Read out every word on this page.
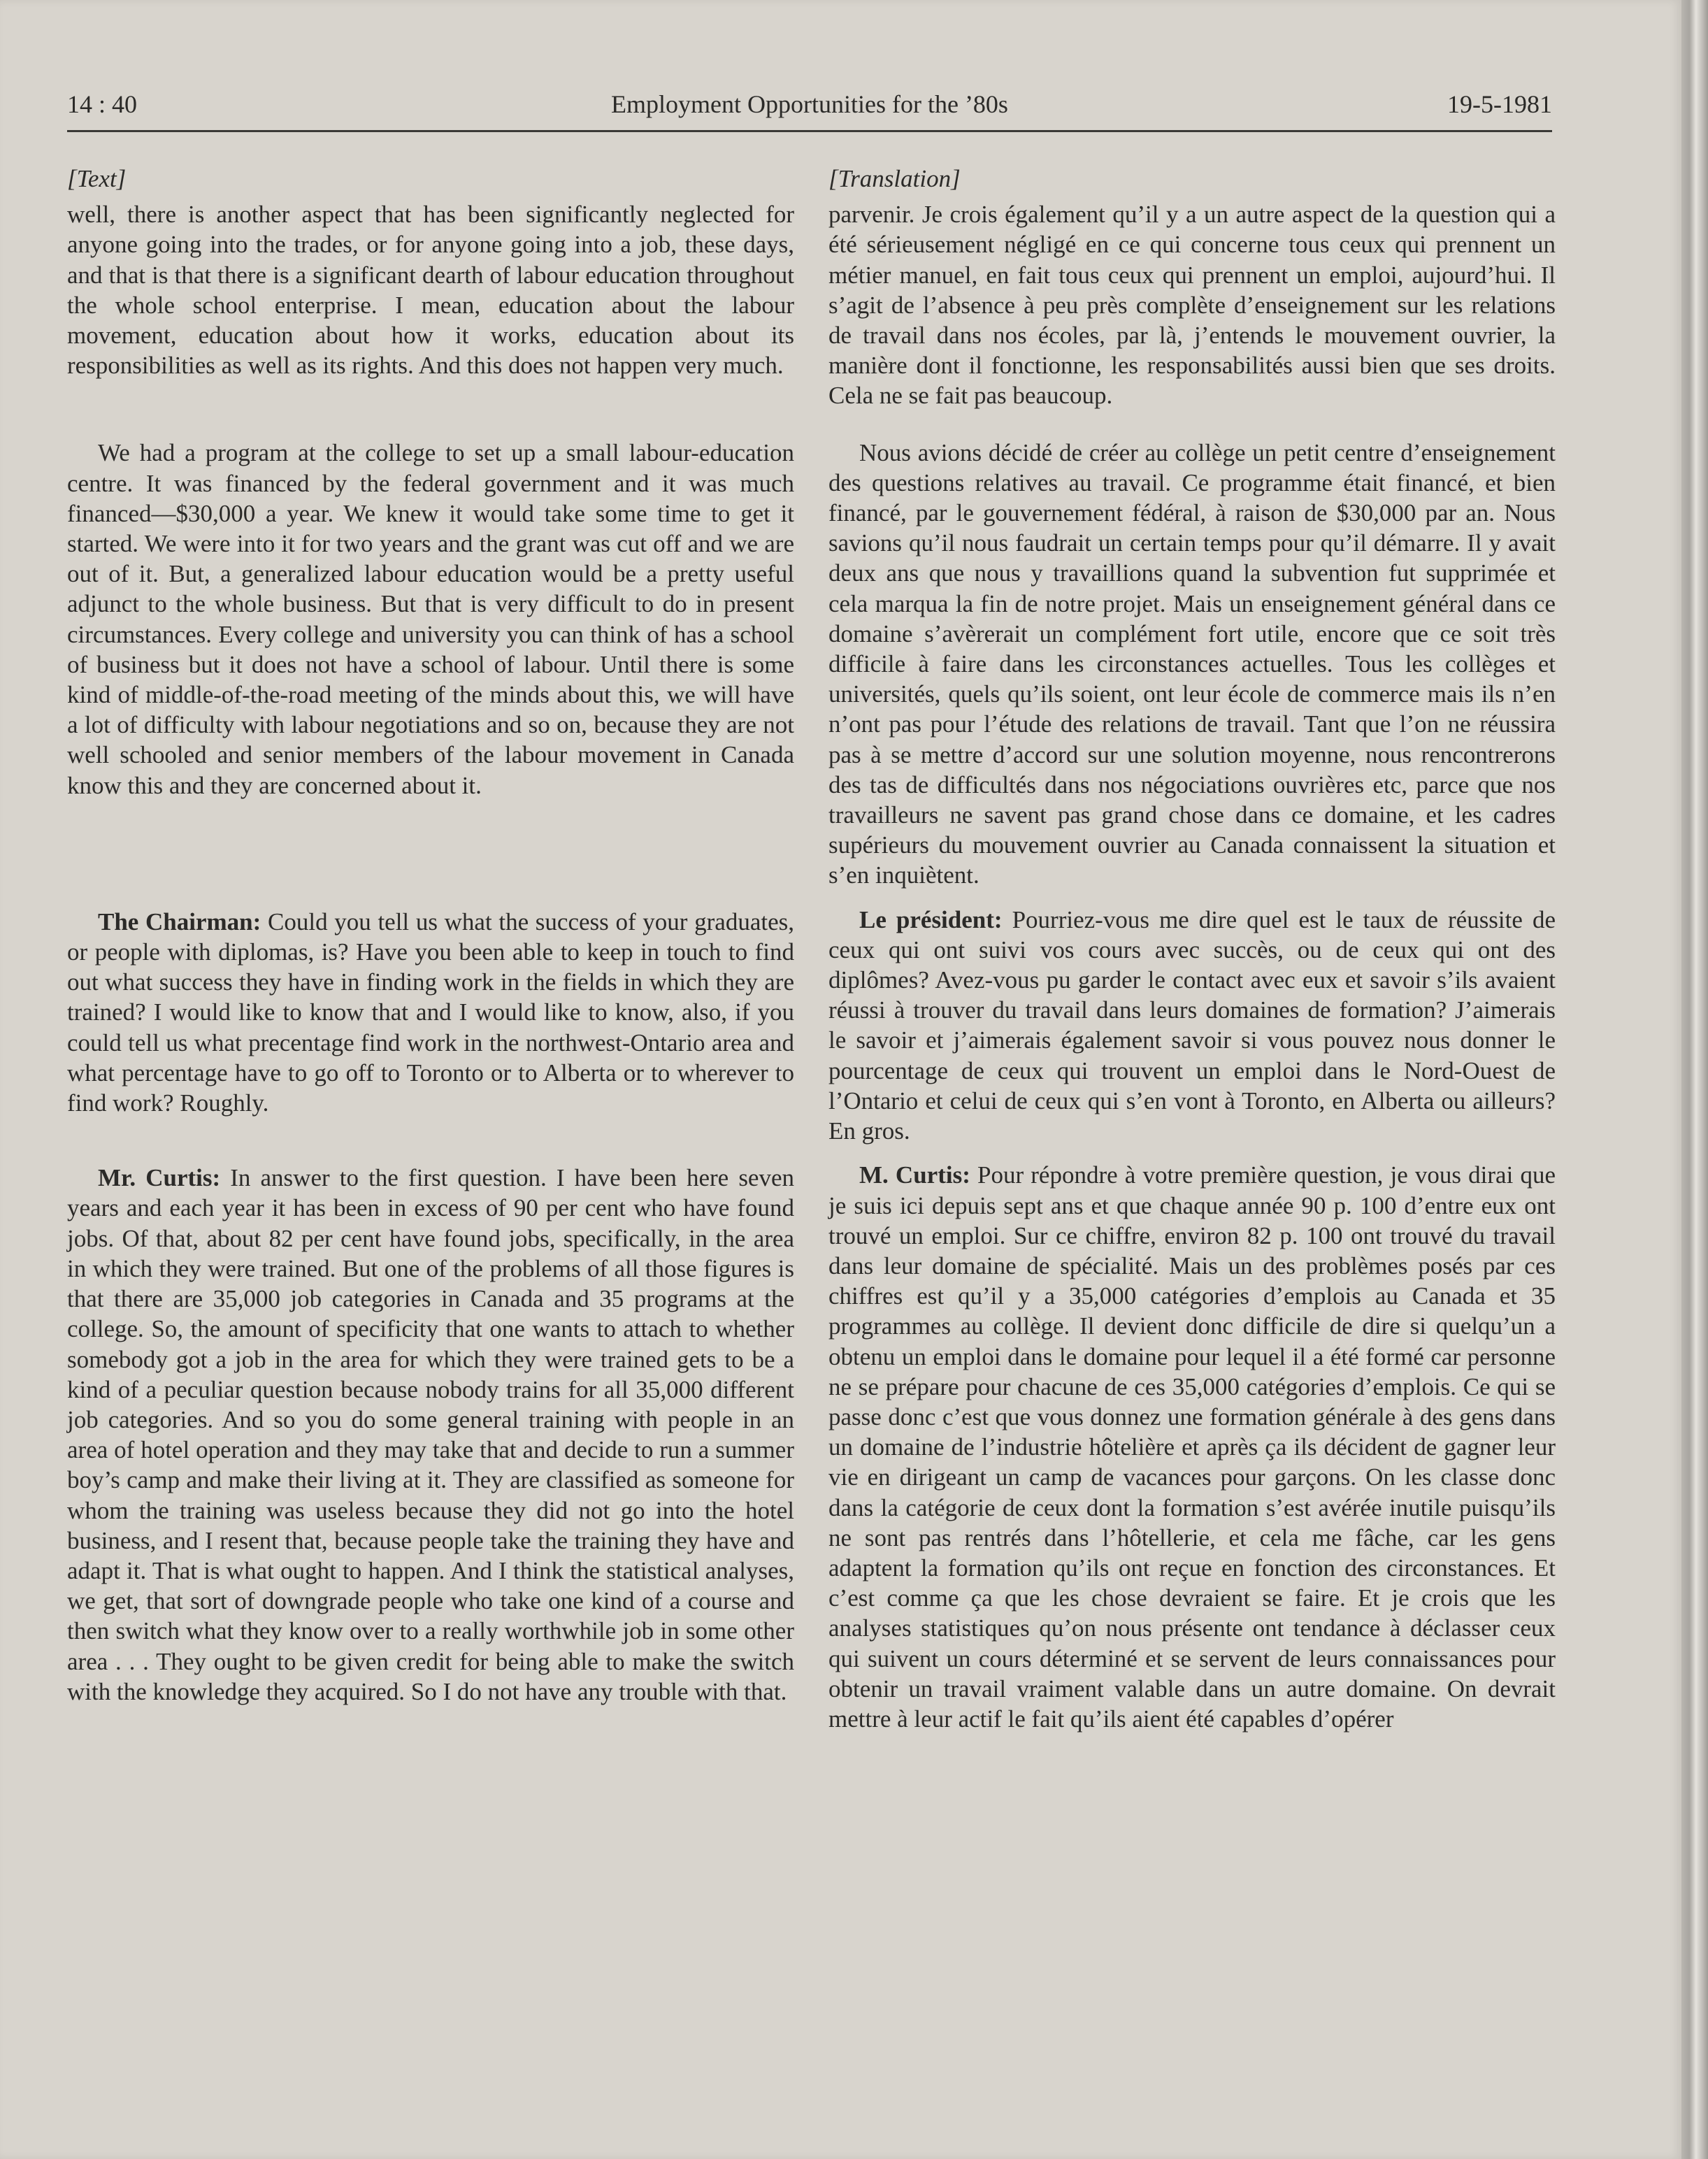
14 : 40	Employment Opportunities for the ’80s	19-5-1981
[Text]

well, there is another aspect that has been significantly neglected for anyone going into the trades, or for anyone going into a job, these days, and that is that there is a significant dearth of labour education throughout the whole school enterprise. I mean, education about the labour movement, education about how it works, education about its responsibilities as well as its rights. And this does not happen very much.

We had a program at the college to set up a small labour-education centre. It was financed by the federal government and it was much financed—$30,000 a year. We knew it would take some time to get it started. We were into it for two years and the grant was cut off and we are out of it. But, a generalized labour education would be a pretty useful adjunct to the whole business. But that is very difficult to do in present circumstances. Every college and university you can think of has a school of business but it does not have a school of labour. Until there is some kind of middle-of-the-road meeting of the minds about this, we will have a lot of difficulty with labour negotiations and so on, because they are not well schooled and senior members of the labour movement in Canada know this and they are concerned about it.

The Chairman: Could you tell us what the success of your graduates, or people with diplomas, is? Have you been able to keep in touch to find out what success they have in finding work in the fields in which they are trained? I would like to know that and I would like to know, also, if you could tell us what precentage find work in the northwest-Ontario area and what percentage have to go off to Toronto or to Alberta or to wherever to find work? Roughly.

Mr. Curtis: In answer to the first question. I have been here seven years and each year it has been in excess of 90 per cent who have found jobs. Of that, about 82 per cent have found jobs, specifically, in the area in which they were trained. But one of the problems of all those figures is that there are 35,000 job categories in Canada and 35 programs at the college. So, the amount of specificity that one wants to attach to whether somebody got a job in the area for which they were trained gets to be a kind of a peculiar question because nobody trains for all 35,000 different job categories. And so you do some general training with people in an area of hotel operation and they may take that and decide to run a summer boy’s camp and make their living at it. They are classified as someone for whom the training was useless because they did not go into the hotel business, and I resent that, because people take the training they have and adapt it. That is what ought to happen. And I think the statistical analyses, we get, that sort of downgrade people who take one kind of a course and then switch what they know over to a really worthwhile job in some other area . . . They ought to be given credit for being able to make the switch with the knowledge they acquired. So I do not have any trouble with that.

[Translation]

parvenir. Je crois également qu’il y a un autre aspect de la question qui a été sérieusement négligé en ce qui concerne tous ceux qui prennent un métier manuel, en fait tous ceux qui prennent un emploi, aujourd’hui. Il s’agit de l’absence à peu près complète d’enseignement sur les relations de travail dans nos écoles, par là, j’entends le mouvement ouvrier, la manière dont il fonctionne, les responsabilités aussi bien que ses droits. Cela ne se fait pas beaucoup.

Nous avions décidé de créer au collège un petit centre d’enseignement des questions relatives au travail. Ce programme était financé, et bien financé, par le gouvernement fédéral, à raison de $30,000 par an. Nous savions qu’il nous faudrait un certain temps pour qu’il démarre. Il y avait deux ans que nous y travaillions quand la subvention fut supprimée et cela marqua la fin de notre projet. Mais un enseignement général dans ce domaine s’avèrerait un complément fort utile, encore que ce soit très difficile à faire dans les circonstances actuelles. Tous les collèges et universités, quels qu’ils soient, ont leur école de commerce mais ils n’en n’ont pas pour l’étude des relations de travail. Tant que l’on ne réussira pas à se mettre d’accord sur une solution moyenne, nous rencontrerons des tas de difficultés dans nos négociations ouvrières etc, parce que nos travailleurs ne savent pas grand chose dans ce domaine, et les cadres supérieurs du mouvement ouvrier au Canada connaissent la situation et s’en inquiètent.

Le président: Pourriez-vous me dire quel est le taux de réussite de ceux qui ont suivi vos cours avec succès, ou de ceux qui ont des diplômes? Avez-vous pu garder le contact avec eux et savoir s’ils avaient réussi à trouver du travail dans leurs domaines de formation? J’aimerais le savoir et j’aimerais également savoir si vous pouvez nous donner le pourcentage de ceux qui trouvent un emploi dans le Nord-Ouest de l’Ontario et celui de ceux qui s’en vont à Toronto, en Alberta ou ailleurs? En gros.

M. Curtis: Pour répondre à votre première question, je vous dirai que je suis ici depuis sept ans et que chaque année 90 p. 100 d’entre eux ont trouvé un emploi. Sur ce chiffre, environ 82 p. 100 ont trouvé du travail dans leur domaine de spécialité. Mais un des problèmes posés par ces chiffres est qu’il y a 35,000 catégories d’emplois au Canada et 35 programmes au collège. Il devient donc difficile de dire si quelqu’un a obtenu un emploi dans le domaine pour lequel il a été formé car personne ne se prépare pour chacune de ces 35,000 catégories d’emplois. Ce qui se passe donc c’est que vous donnez une formation générale à des gens dans un domaine de l’industrie hôtelière et après ça ils décident de gagner leur vie en dirigeant un camp de vacances pour garçons. On les classe donc dans la catégorie de ceux dont la formation s’est avérée inutile puisqu’ils ne sont pas rentrés dans l’hôtellerie, et cela me fâche, car les gens adaptent la formation qu’ils ont reçue en fonction des circonstances. Et c’est comme ça que les chose devraient se faire. Et je crois que les analyses statistiques qu’on nous présente ont tendance à déclasser ceux qui suivent un cours déterminé et se servent de leurs connaissances pour obtenir un travail vraiment valable dans un autre domaine. On devrait mettre à leur actif le fait qu’ils aient été capables d’opérer
